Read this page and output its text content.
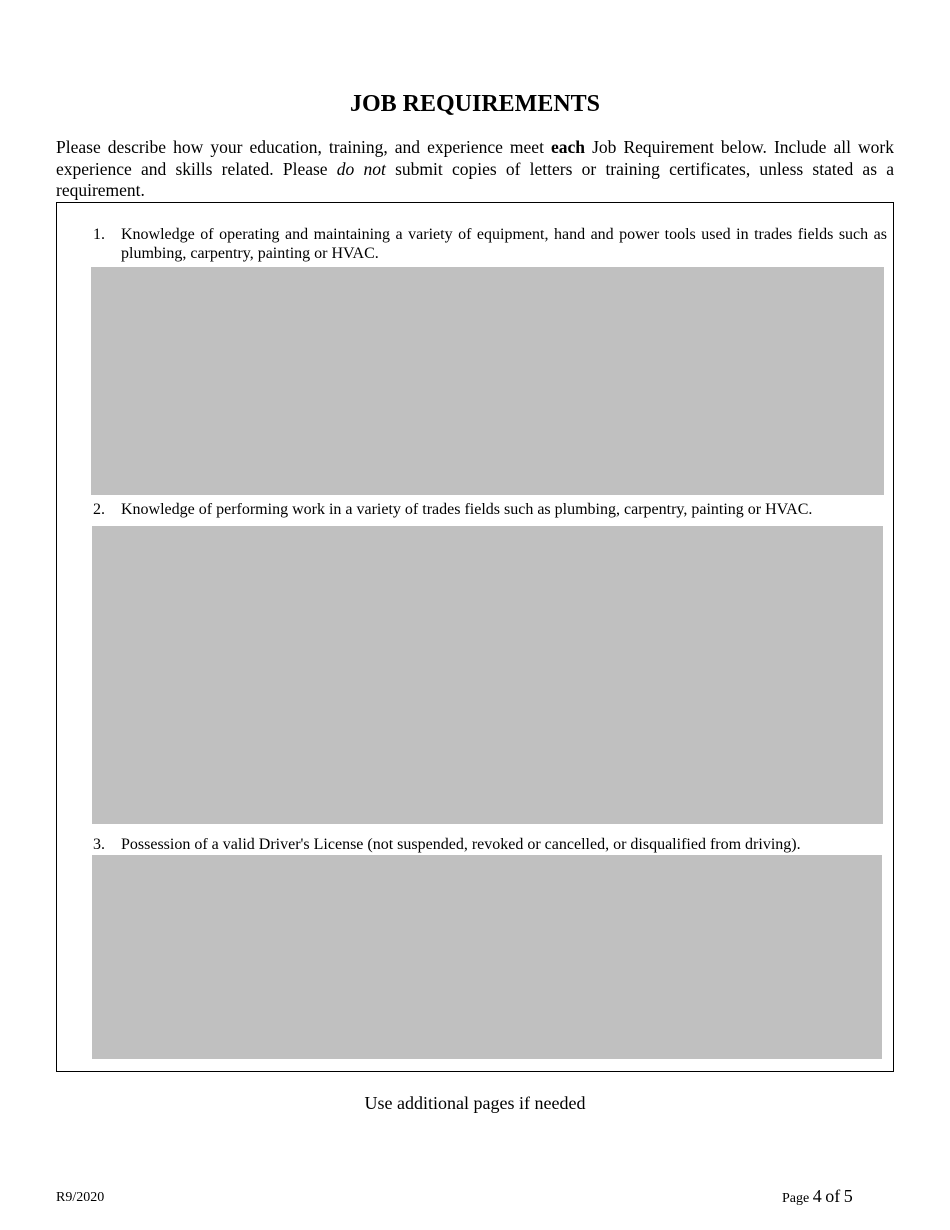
JOB REQUIREMENTS

Please describe how your education, training, and experience meet each Job Requirement below. Include all work experience and skills related. Please do not submit copies of letters or training certificates, unless stated as a requirement.

1. Knowledge of operating and maintaining a variety of equipment, hand and power tools used in trades fields such as plumbing, carpentry, painting or HVAC.
2. Knowledge of performing work in a variety of trades fields such as plumbing, carpentry, painting or HVAC.
3. Possession of a valid Driver's License (not suspended, revoked or cancelled, or disqualified from driving).
Use additional pages if needed
R9/2020	Page 4 of 5
